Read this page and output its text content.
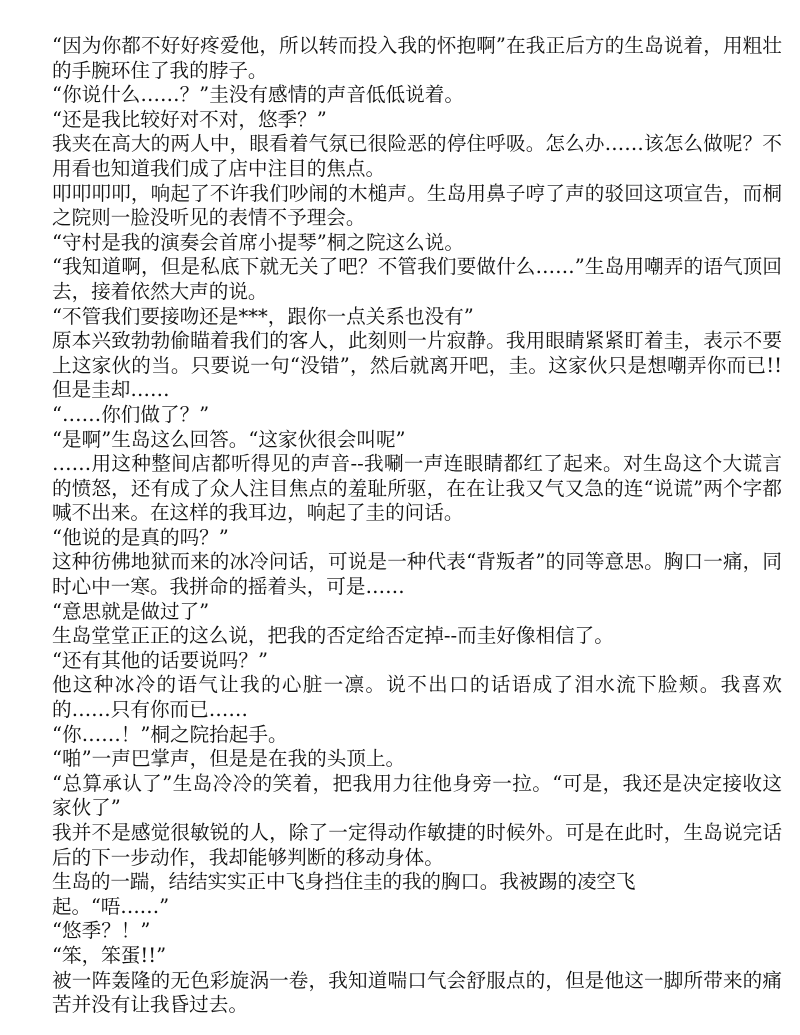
“因为你都不好好疼爱他，所以转而投入我的怀抱啊”在我正后方的生岛说着，用粗壮的手腕环住了我的脖子。

“你说什么……？”圭没有感情的声音低低说着。

“还是我比较好对不对，悠季？”

我夹在高大的两人中，眼看着气氛已很险恶的停住呼吸。怎么办……该怎么做呢？不用看也知道我们成了店中注目的焦点。

叩叩叩叩，响起了不许我们吵闹的木槌声。生岛用鼻子哼了声的驳回这项宣告，而桐之院则一脸没听见的表情不予理会。

“守村是我的演奏会首席小提琴”桐之院这么说。

“我知道啊，但是私底下就无关了吧？不管我们要做什么……”生岛用嘲弄的语气顶回去，接着依然大声的说。

“不管我们要接吻还是***，跟你一点关系也没有”

原本兴致勃勃偷瞄着我们的客人，此刻则一片寂静。我用眼睛紧紧盯着圭，表示不要上这家伙的当。只要说一句“没错”，然后就离开吧，圭。这家伙只是想嘲弄你而已!!但是圭却……

“……你们做了？”

“是啊”生岛这么回答。“这家伙很会叫呢”

……用这种整间店都听得见的声音--我唰一声连眼睛都红了起来。对生岛这个大谎言的愤怒，还有成了众人注目焦点的羞耻所驱，在在让我又气又急的连“说谎”两个字都喊不出来。在这样的我耳边，响起了圭的问话。

“他说的是真的吗？”

这种彷佛地狱而来的冰冷问话，可说是一种代表“背叛者”的同等意思。胸口一痛，同时心中一寒。我拼命的摇着头，可是……

“意思就是做过了”

生岛堂堂正正的这么说，把我的否定给否定掉--而圭好像相信了。

“还有其他的话要说吗？”

他这种冰冷的语气让我的心脏一凛。说不出口的话语成了泪水流下脸颊。我喜欢的……只有你而已……

“你……！”桐之院抬起手。

“啪”一声巴掌声，但是是在我的头顶上。

“总算承认了”生岛冷冷的笑着，把我用力往他身旁一拉。“可是，我还是决定接收这家伙了”

我并不是感觉很敏锐的人，除了一定得动作敏捷的时候外。可是在此时，生岛说完话后的下一步动作，我却能够判断的移动身体。

生岛的一踹，结结实实正中飞身挡住圭的我的胸口。我被踢的凌空飞
起。“唔……”

“悠季？！”

“笨，笨蛋!!”

被一阵轰隆的无色彩旋涡一卷，我知道喘口气会舒服点的，但是他这一脚所带来的痛苦并没有让我昏过去。
